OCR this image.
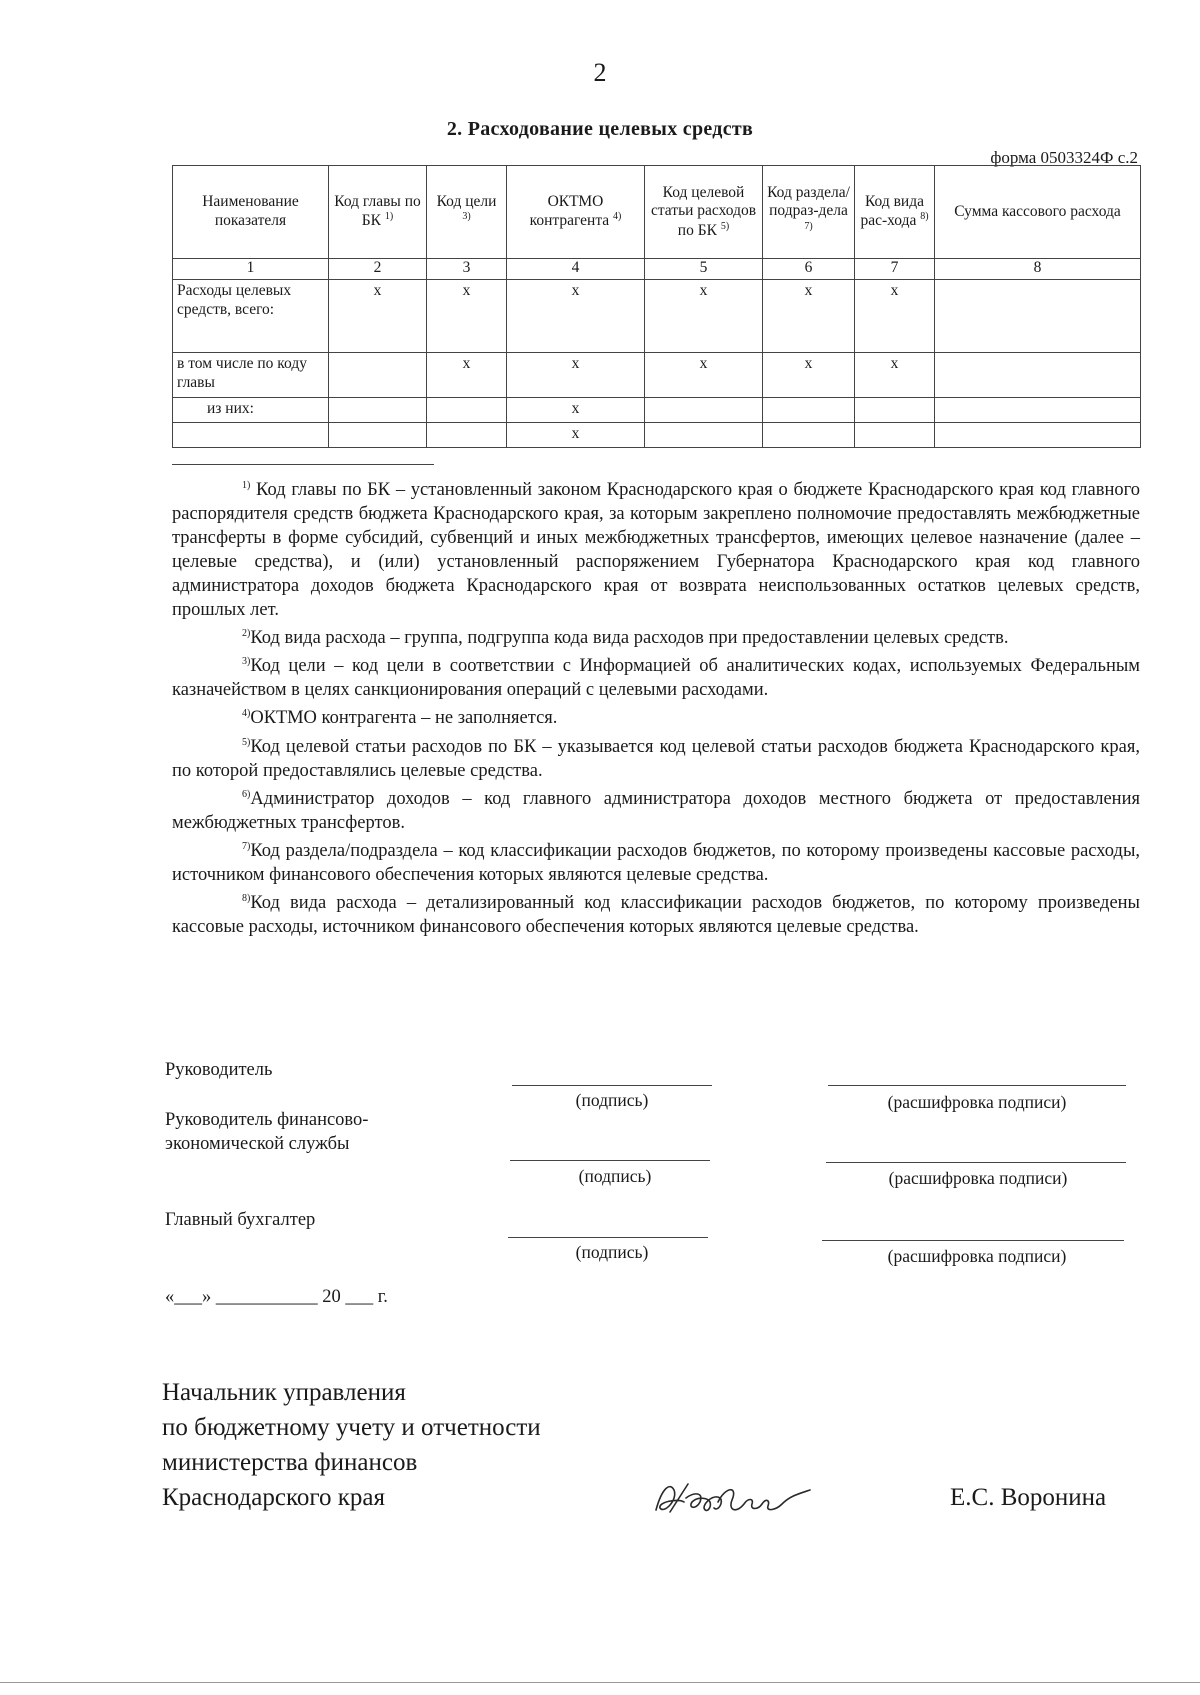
2
2. Расходование целевых средств
форма 0503324Ф с.2
Наименование показателя	Код главы по БК $^{1)}$	Код цели $^{3)}$	ОКТМО контрагента $^{4)}$	Код целевой статьи расходов по БК $^{5)}$	Код раздела/ подраз-дела $^{7)}$	Код вида рас-хода $^{8)}$	Сумма кассового расхода
1	2	3	4	5	6	7	8
Расходы целевых средств, всего:	x	x	x	x	x	x	
в том числе по коду главы		x	x	x	x	x	
из них:			x				
			x				

$^{1)}$ Код главы по БК – установленный законом Краснодарского края о бюджете Краснодарского края код главного распорядителя средств бюджета Краснодарского края, за которым закреплено полномочие предоставлять межбюджетные трансферты в форме субсидий, субвенций и иных межбюджетных трансфертов, имеющих целевое назначение (далее – целевые средства), и (или) установленный распоряжением Губернатора Краснодарского края код главного администратора доходов бюджета Краснодарского края от возврата неиспользованных остатков целевых средств, прошлых лет.

$^{2)}$Код вида расхода – группа, подгруппа кода вида расходов при предоставлении целевых средств.

$^{3)}$Код цели – код цели в соответствии с Информацией об аналитических кодах, используемых Федеральным казначейством в целях санкционирования операций с целевыми расходами.

$^{4)}$ОКТМО контрагента – не заполняется.

$^{5)}$Код целевой статьи расходов по БК – указывается код целевой статьи расходов бюджета Краснодарского края, по которой предоставлялись целевые средства.

$^{6)}$Администратор доходов – код главного администратора доходов местного бюджета от предоставления межбюджетных трансфертов.

$^{7)}$Код раздела/подраздела – код классификации расходов бюджетов, по которому произведены кассовые расходы, источником финансового обеспечения которых являются целевые средства.

$^{8)}$Код вида расхода – детализированный код классификации расходов бюджетов, по которому произведены кассовые расходы, источником финансового обеспечения которых являются целевые средства.

Руководитель
(подпись)	(расшифровка подписи)
Руководитель финансово-
экономической службы
(подпись)	(расшифровка подписи)
Главный бухгалтер
(подпись)	(расшифровка подписи)
«___» ___________ 20 ___ г.
Начальник управления
по бюджетному учету и отчетности
министерства финансов
Краснодарского края	Е.С. Воронина
